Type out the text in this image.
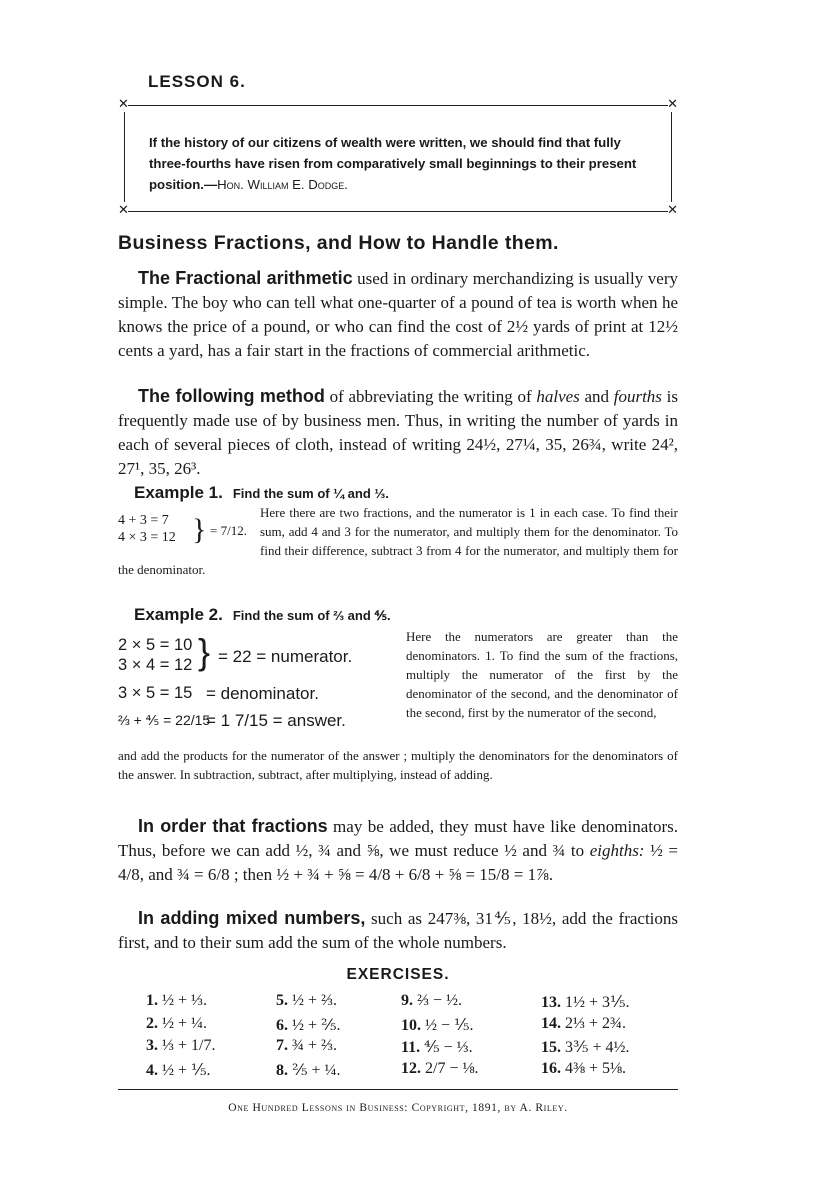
LESSON 6.
✕	✕
If the history of our citizens of wealth were written, we should find that fully three-fourths have risen from comparatively small beginnings to their present position.—Hon. William E. Dodge.
✕	✕
Business Fractions, and How to Handle them.
The Fractional arithmetic used in ordinary merchandizing is usually very simple. The boy who can tell what one-quarter of a pound of tea is worth when he knows the price of a pound, or who can find the cost of 2½ yards of print at 12½ cents a yard, has a fair start in the fractions of commercial arithmetic.
The following method of abbreviating the writing of halves and fourths is frequently made use of by business men. Thus, in writing the number of yards in each of several pieces of cloth, instead of writing 24½, 27¼, 35, 26¾, write 24², 27¹, 35, 26³.
Example 1. Find the sum of ¼ and ⅓.
4 + 3 = 7
4 × 3 = 12 } = 7/12.
Here there are two fractions, and the numerator is 1 in each case. To find their sum, add 4 and 3 for the numerator, and multiply them for the denominator. To find their difference, subtract 3 from 4 for the numerator, and multiply them for the denominator.
Example 2. Find the sum of ⅔ and ⅘.
2 × 5 = 10
3 × 4 = 12 } = 22 = numerator.
3 × 5 = 15 = denominator.
⅔ + ⅘ = 22/15
= 1 7/15 = answer.
Here the numerators are greater than the denominators. 1. To find the sum of the fractions, multiply the numerator of the first by the denominator of the second, and the denominator of the second, first by the numerator of the second,
and add the products for the numerator of the answer ; multiply the denominators for the denominators of the answer. In subtraction, subtract, after multiplying, instead of adding.
In order that fractions may be added, they must have like denominators. Thus, before we can add ½, ¾ and ⅝, we must reduce ½ and ¾ to eighths: ½ = 4/8, and ¾ = 6/8 ; then ½ + ¾ + ⅝ = 4/8 + 6/8 + ⅝ = 15/8 = 1⅞.
In adding mixed numbers, such as 247⅜, 31⅘, 18½, add the fractions first, and to their sum add the sum of the whole numbers.
EXERCISES.
1. ½ + ⅓.
2. ½ + ¼.
3. ⅓ + 1/7.
4. ½ + ⅕.
5. ½ + ⅔.
6. ½ + ⅖.
7. ¾ + ⅔.
8. ⅖ + ¼.
9. ⅔ − ½.
10. ½ − ⅕.
11. ⅘ − ⅓.
12. 2/7 − ⅛.
13. 1½ + 3⅕.
14. 2⅓ + 2¾.
15. 3⅗ + 4½.
16. 4⅜ + 5⅛.
One Hundred Lessons in Business: Copyright, 1891, by A. Riley.
